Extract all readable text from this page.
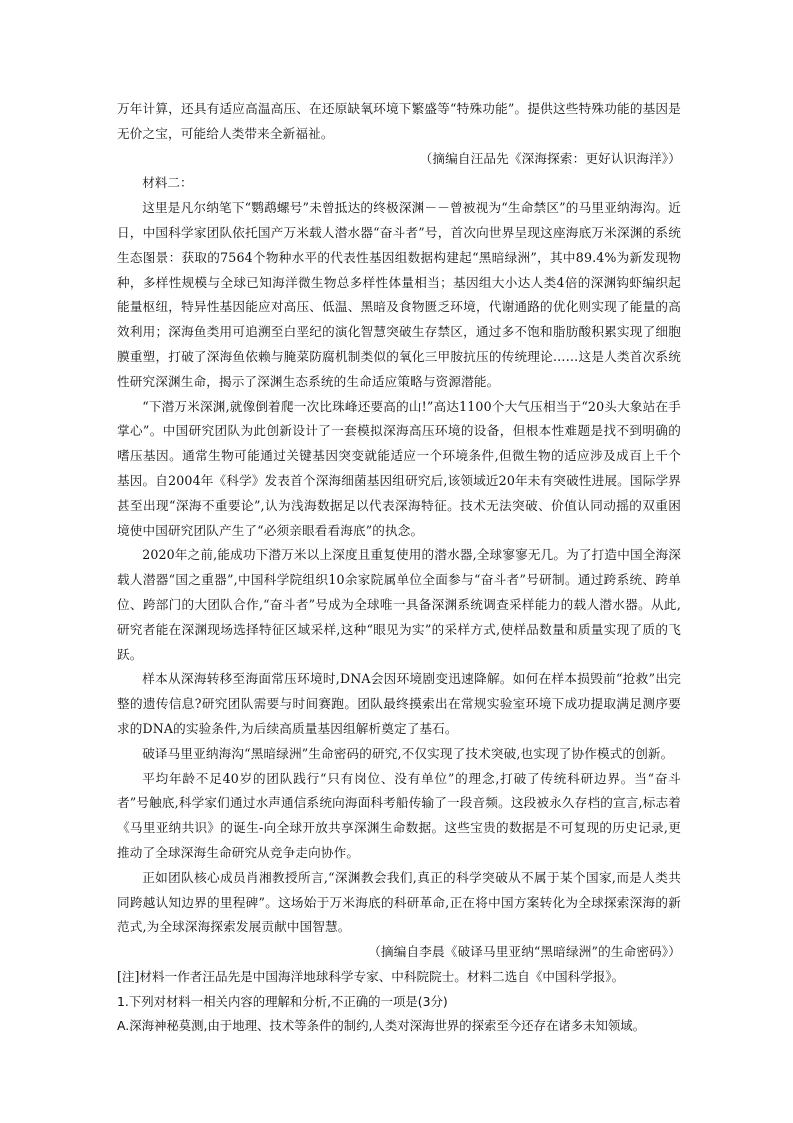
万年计算，还具有适应高温高压、在还原缺氧环境下繁盛等“特殊功能”。提供这些特殊功能的基因是无价之宝，可能给人类带来全新福祉。

（摘编自汪品先《深海探索：更好认识海洋》）

材料二：

这里是凡尔纳笔下“鹦鹉螺号”未曾抵达的终极深渊－－曾被视为“生命禁区”的马里亚纳海沟。近日，中国科学家团队依托国产万米载人潜水器“奋斗者”号，首次向世界呈现这座海底万米深渊的系统生态图景：获取的7564个物种水平的代表性基因组数据构建起“黑暗绿洲”，其中89.4%为新发现物种，多样性规模与全球已知海洋微生物总多样性体量相当；基因组大小达人类4倍的深渊钩虾编织起能量枢纽，特异性基因能应对高压、低温、黑暗及食物匮乏环境，代谢通路的优化则实现了能量的高效利用；深海鱼类用可追溯至白垩纪的演化智慧突破生存禁区，通过多不饱和脂肪酸积累实现了细胞膜重塑，打破了深海鱼依赖与腌菜防腐机制类似的氧化三甲胺抗压的传统理论……这是人类首次系统性研究深渊生命，揭示了深渊生态系统的生命适应策略与资源潜能。

“下潜万米深渊,就像倒着爬一次比珠峰还要高的山!”高达1100个大气压相当于“20头大象站在手掌心”。中国研究团队为此创新设计了一套模拟深海高压环境的设备，但根本性难题是找不到明确的嗜压基因。通常生物可能通过关键基因突变就能适应一个环境条件,但微生物的适应涉及成百上千个基因。自2004年《科学》发表首个深海细菌基因组研究后,该领域近20年未有突破性进展。国际学界甚至出现“深海不重要论”,认为浅海数据足以代表深海特征。技术无法突破、价值认同动摇的双重困境使中国研究团队产生了“必须亲眼看看海底”的执念。

2020年之前,能成功下潜万米以上深度且重复使用的潜水器,全球寥寥无几。为了打造中国全海深载人潜器“国之重器”,中国科学院组织10余家院属单位全面参与“奋斗者”号研制。通过跨系统、跨单位、跨部门的大团队合作,“奋斗者”号成为全球唯一具备深渊系统调查采样能力的载人潜水器。从此,研究者能在深渊现场选择特征区域采样,这种“眼见为实”的采样方式,使样品数量和质量实现了质的飞跃。

样本从深海转移至海面常压环境时,DNA会因环境剧变迅速降解。如何在样本损毁前“抢救”出完整的遗传信息?研究团队需要与时间赛跑。团队最终摸索出在常规实验室环境下成功提取满足测序要求的DNA的实验条件,为后续高质量基因组解析奠定了基石。

破译马里亚纳海沟“黑暗绿洲”生命密码的研究,不仅实现了技术突破,也实现了协作模式的创新。

平均年龄不足40岁的团队践行“只有岗位、没有单位”的理念,打破了传统科研边界。当“奋斗者”号触底,科学家们通过水声通信系统向海面科考船传输了一段音频。这段被永久存档的宣言,标志着《马里亚纳共识》的诞生-向全球开放共享深渊生命数据。这些宝贵的数据是不可复现的历史记录,更推动了全球深海生命研究从竞争走向协作。

正如团队核心成员肖湘教授所言,“深渊教会我们,真正的科学突破从不属于某个国家,而是人类共同跨越认知边界的里程碑”。这场始于万米海底的科研革命,正在将中国方案转化为全球探索深海的新范式,为全球深海探索发展贡献中国智慧。

（摘编自李晨《破译马里亚纳“黑暗绿洲”的生命密码》）

[注]材料一作者汪品先是中国海洋地球科学专家、中科院院士。材料二选自《中国科学报》。

1.下列对材料一相关内容的理解和分析,不正确的一项是(3分)

A.深海神秘莫测,由于地理、技术等条件的制约,人类对深海世界的探索至今还存在诸多未知领域。
